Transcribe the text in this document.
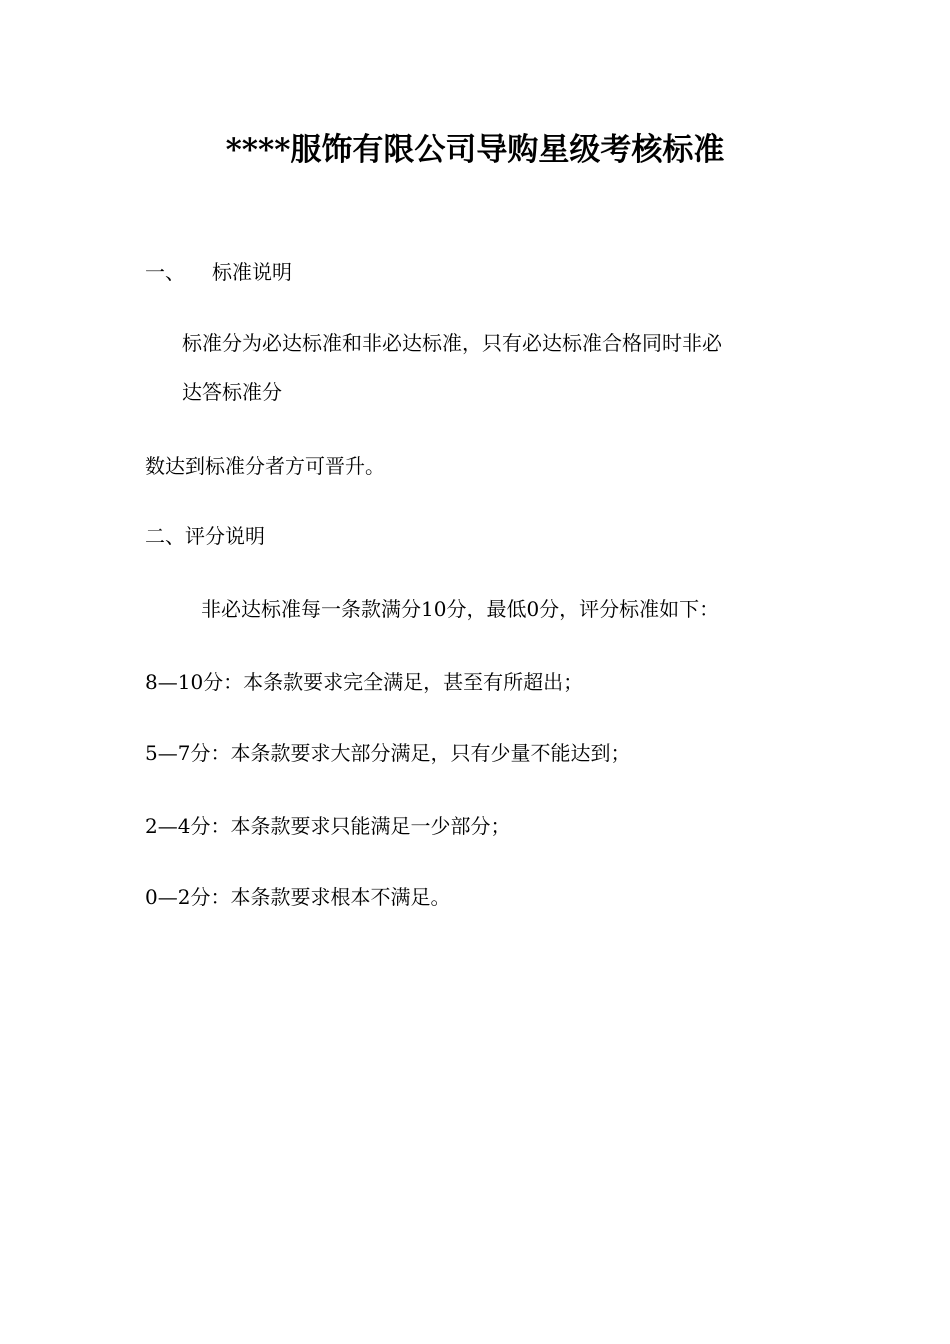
****服饰有限公司导购星级考核标准
一、 标准说明
标准分为必达标准和非必达标准，只有必达标准合格同时非必
达答标准分
数达到标准分者方可晋升。
二、评分说明
非必达标准每一条款满分10分，最低0分，评分标准如下：
8—10分：本条款要求完全满足，甚至有所超出；
5—7分：本条款要求大部分满足，只有少量不能达到；
2—4分：本条款要求只能满足一少部分；
0—2分：本条款要求根本不满足。
